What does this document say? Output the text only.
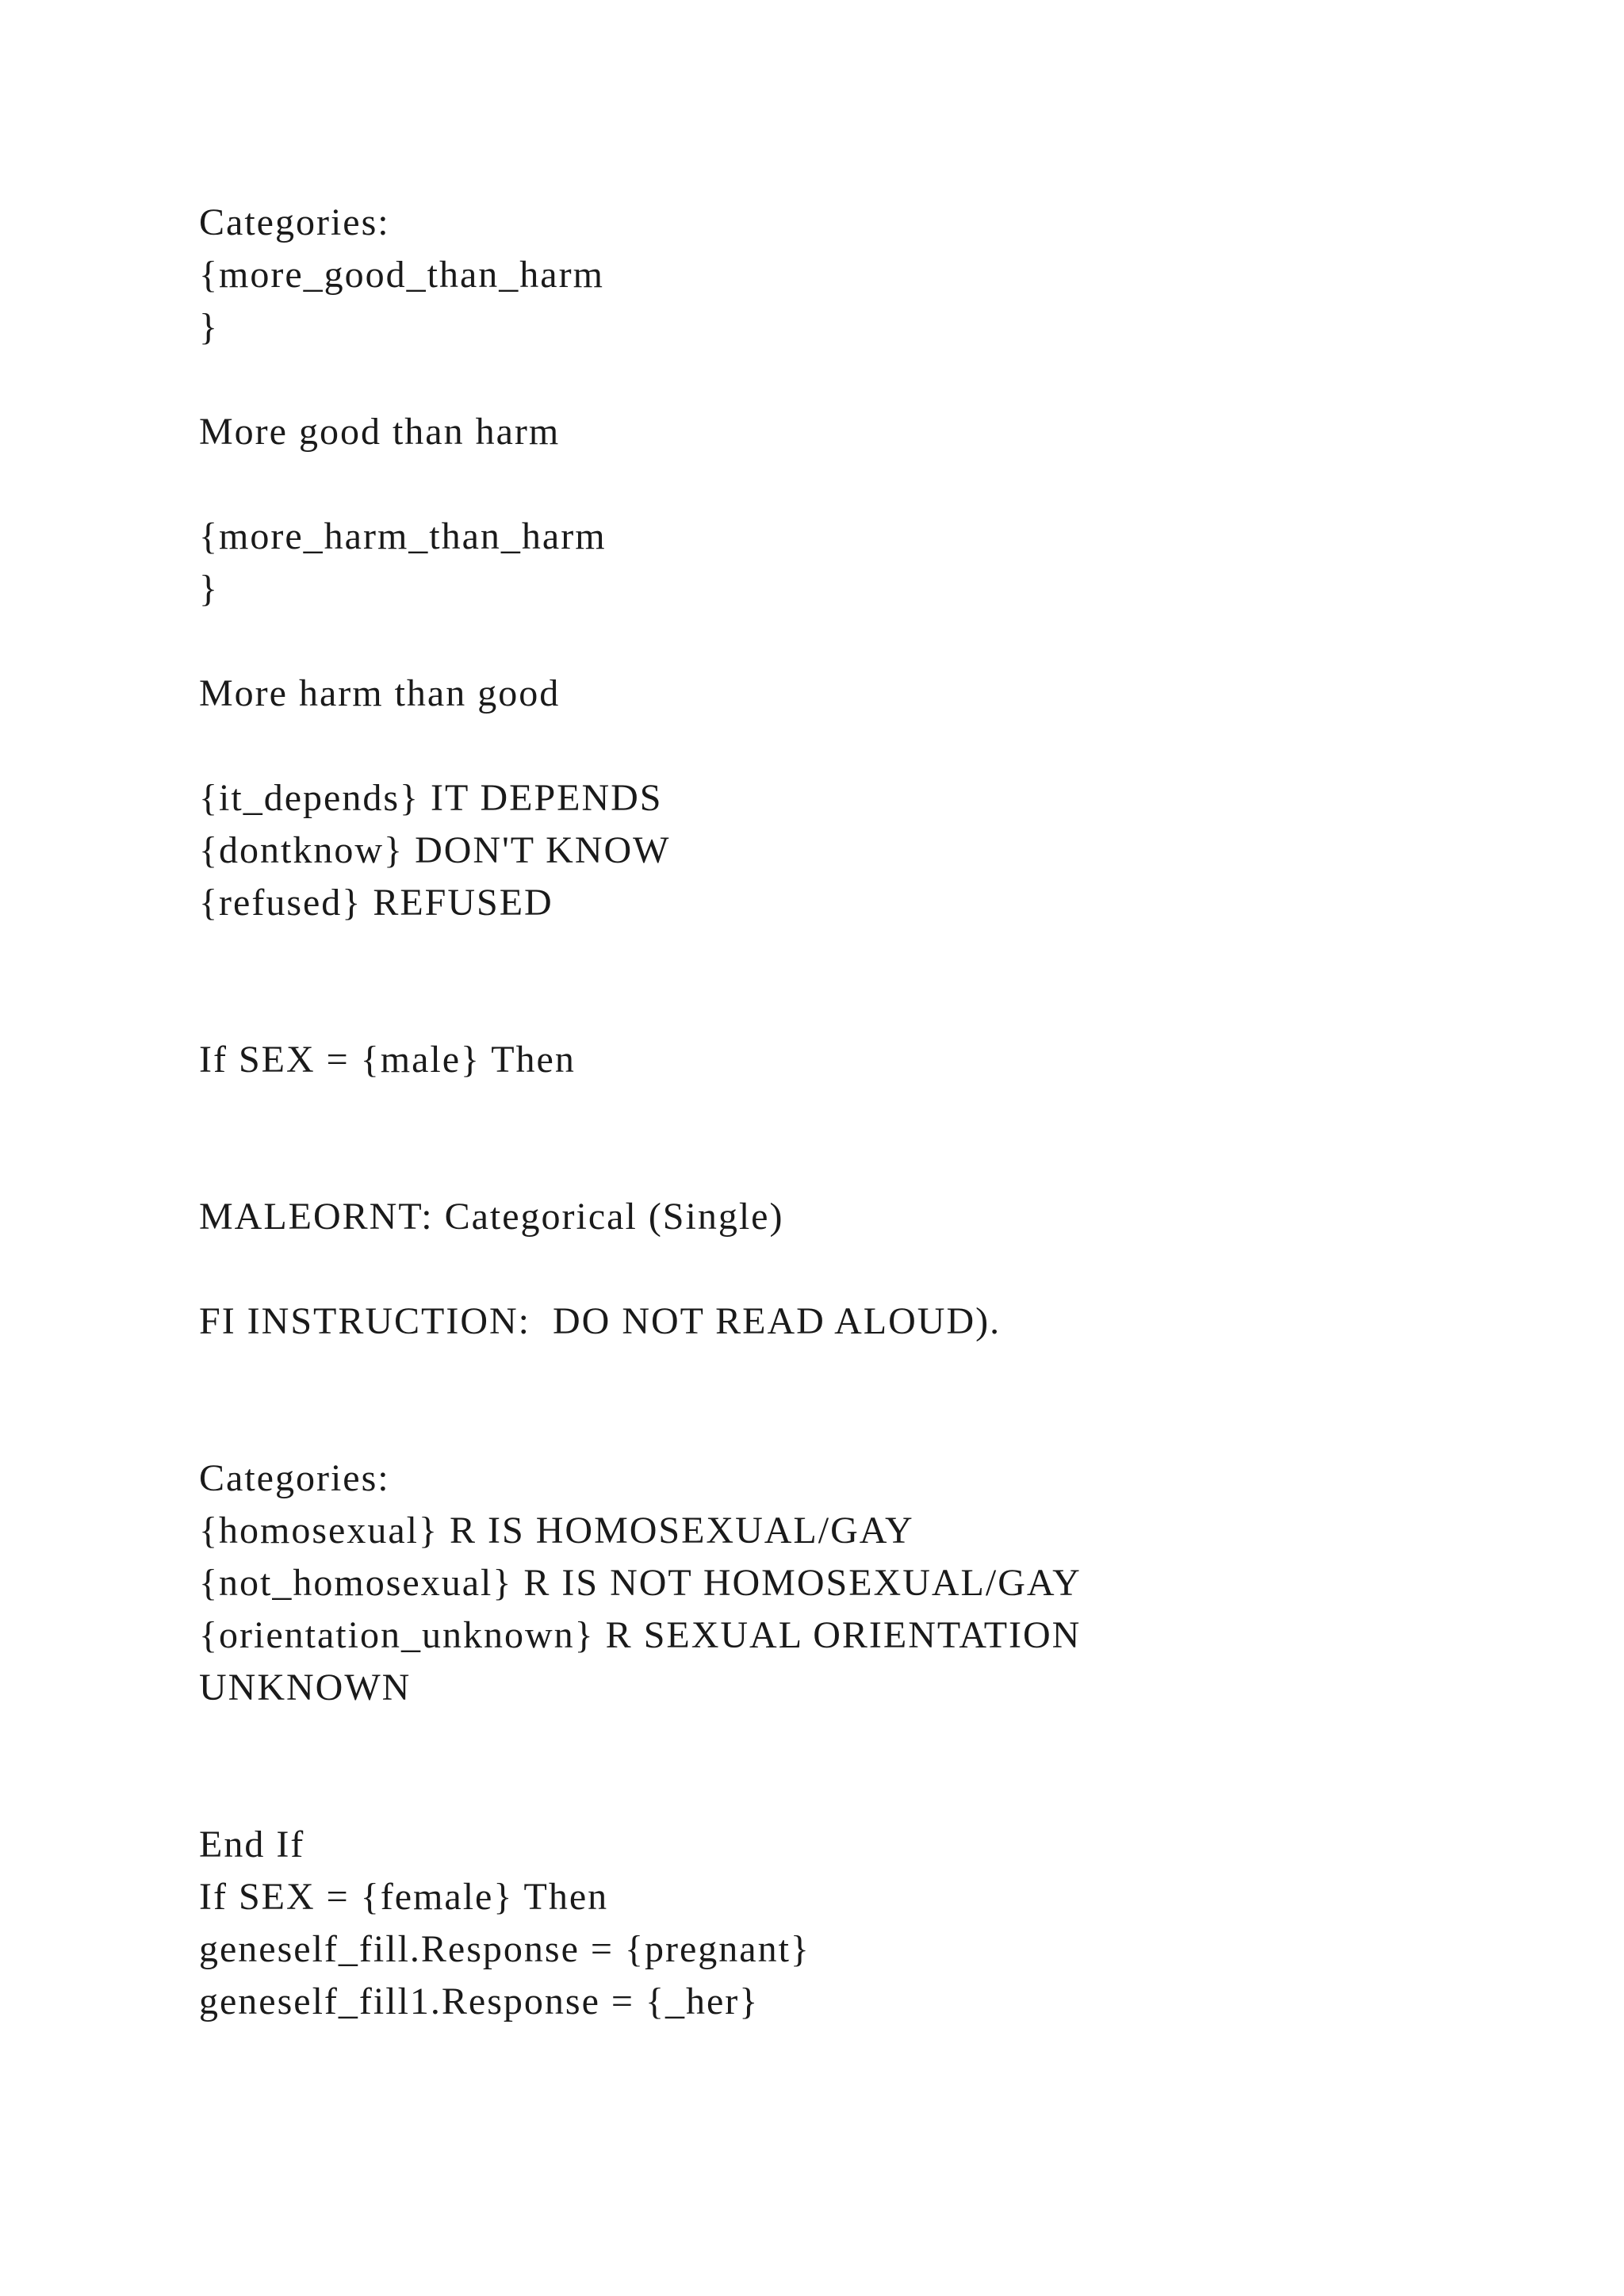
Categories:
{more_good_than_harm
}
More good than harm
{more_harm_than_harm
}
More harm than good
{it_depends} IT DEPENDS
{dontknow} DON'T KNOW
{refused} REFUSED
If SEX = {male} Then
MALEORNT: Categorical (Single)
FI INSTRUCTION:  DO NOT READ ALOUD).
Categories:
{homosexual} R IS HOMOSEXUAL/GAY
{not_homosexual} R IS NOT HOMOSEXUAL/GAY
{orientation_unknown} R SEXUAL ORIENTATION
UNKNOWN
End If
If SEX = {female} Then
geneself_fill.Response = {pregnant}
geneself_fill1.Response = {_her}
